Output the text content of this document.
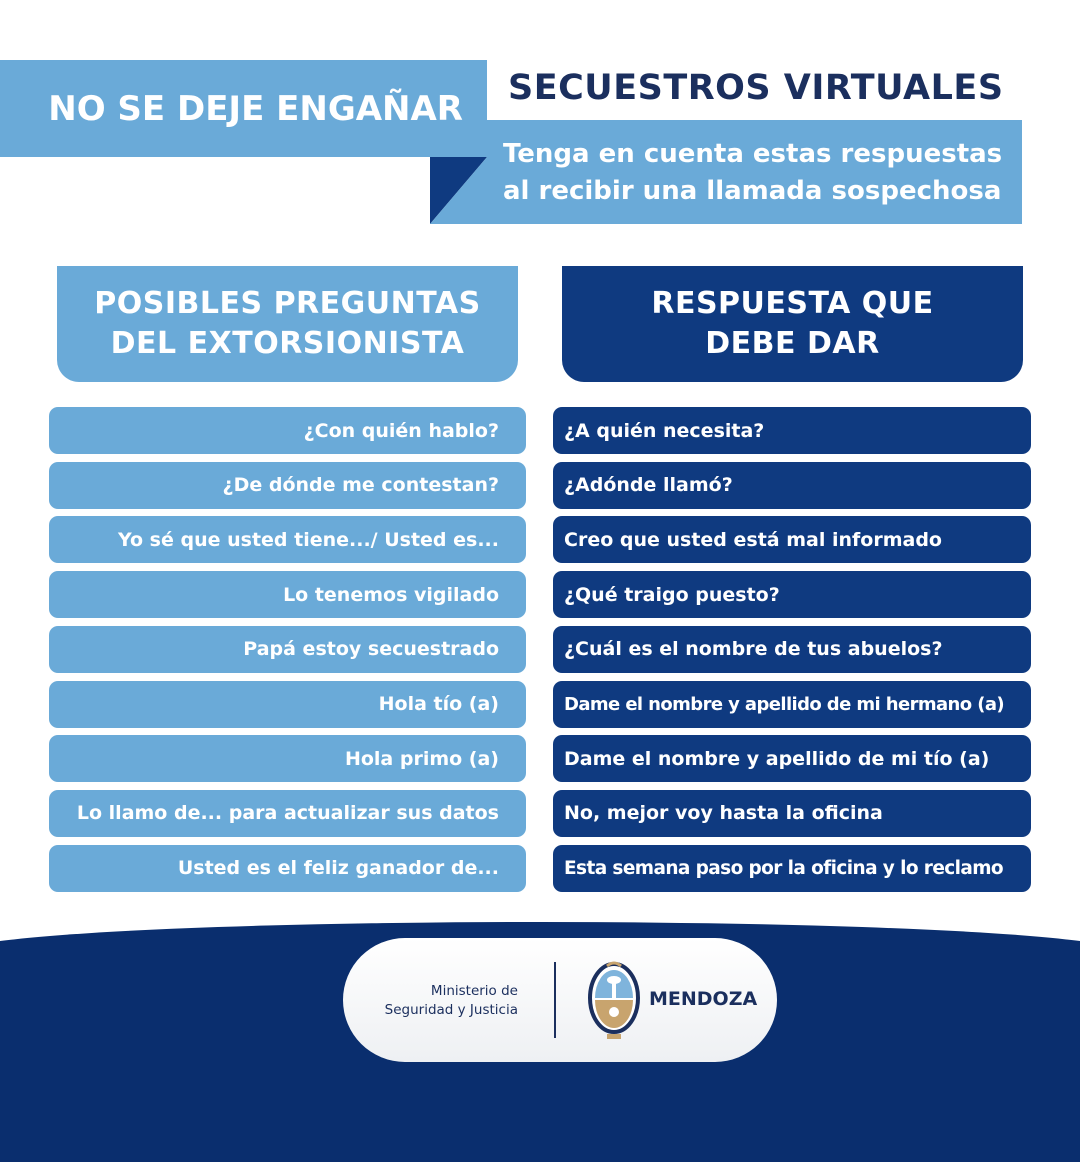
NO SE DEJE ENGAÑAR
SECUESTROS VIRTUALES
Tenga en cuenta estas respuestas
al recibir una llamada sospechosa
POSIBLES PREGUNTAS
DEL EXTORSIONISTA
RESPUESTA QUE
DEBE DAR
¿Con quién hablo?	¿A quién necesita?
¿De dónde me contestan?	¿Adónde llamó?
Yo sé que usted tiene.../ Usted es...	Creo que usted está mal informado
Lo tenemos vigilado	¿Qué traigo puesto?
Papá estoy secuestrado	¿Cuál es el nombre de tus abuelos?
Hola tío (a)	Dame el nombre y apellido de mi hermano (a)
Hola primo (a)	Dame el nombre y apellido de mi tío (a)
Lo llamo de... para actualizar sus datos	No, mejor voy hasta la oficina
Usted es el feliz ganador de...	Esta semana paso por la oficina y lo reclamo
Ministerio de
Seguridad y Justicia	MENDOZA
